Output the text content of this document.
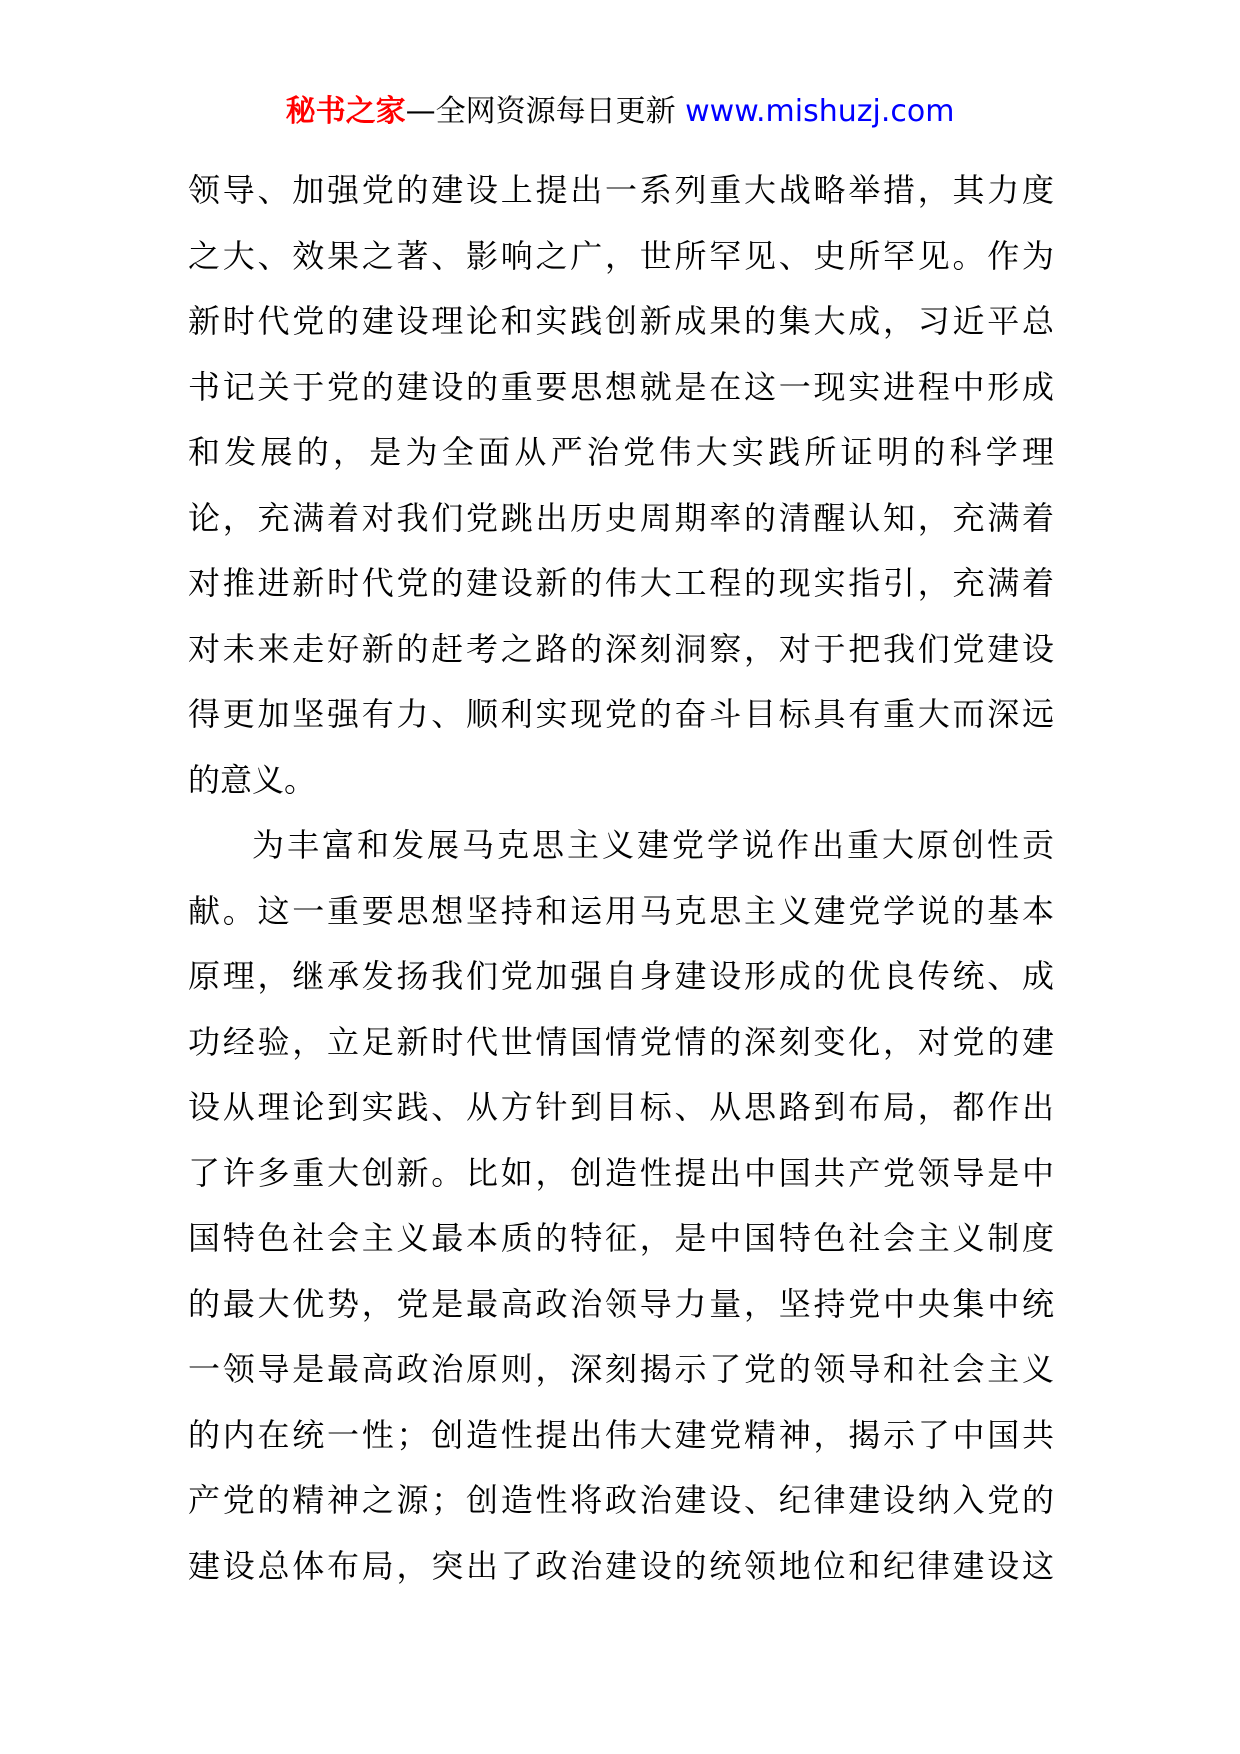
秘书之家—全网资源每日更新 www.mishuzj.com
领导、加强党的建设上提出一系列重大战略举措，其力度
之大、效果之著、影响之广，世所罕见、史所罕见。作为
新时代党的建设理论和实践创新成果的集大成，习近平总
书记关于党的建设的重要思想就是在这一现实进程中形成
和发展的，是为全面从严治党伟大实践所证明的科学理
论，充满着对我们党跳出历史周期率的清醒认知，充满着
对推进新时代党的建设新的伟大工程的现实指引，充满着
对未来走好新的赶考之路的深刻洞察，对于把我们党建设
得更加坚强有力、顺利实现党的奋斗目标具有重大而深远
的意义。
为丰富和发展马克思主义建党学说作出重大原创性贡
献。这一重要思想坚持和运用马克思主义建党学说的基本
原理，继承发扬我们党加强自身建设形成的优良传统、成
功经验，立足新时代世情国情党情的深刻变化，对党的建
设从理论到实践、从方针到目标、从思路到布局，都作出
了许多重大创新。比如，创造性提出中国共产党领导是中
国特色社会主义最本质的特征，是中国特色社会主义制度
的最大优势，党是最高政治领导力量，坚持党中央集中统
一领导是最高政治原则，深刻揭示了党的领导和社会主义
的内在统一性；创造性提出伟大建党精神，揭示了中国共
产党的精神之源；创造性将政治建设、纪律建设纳入党的
建设总体布局，突出了政治建设的统领地位和纪律建设这
